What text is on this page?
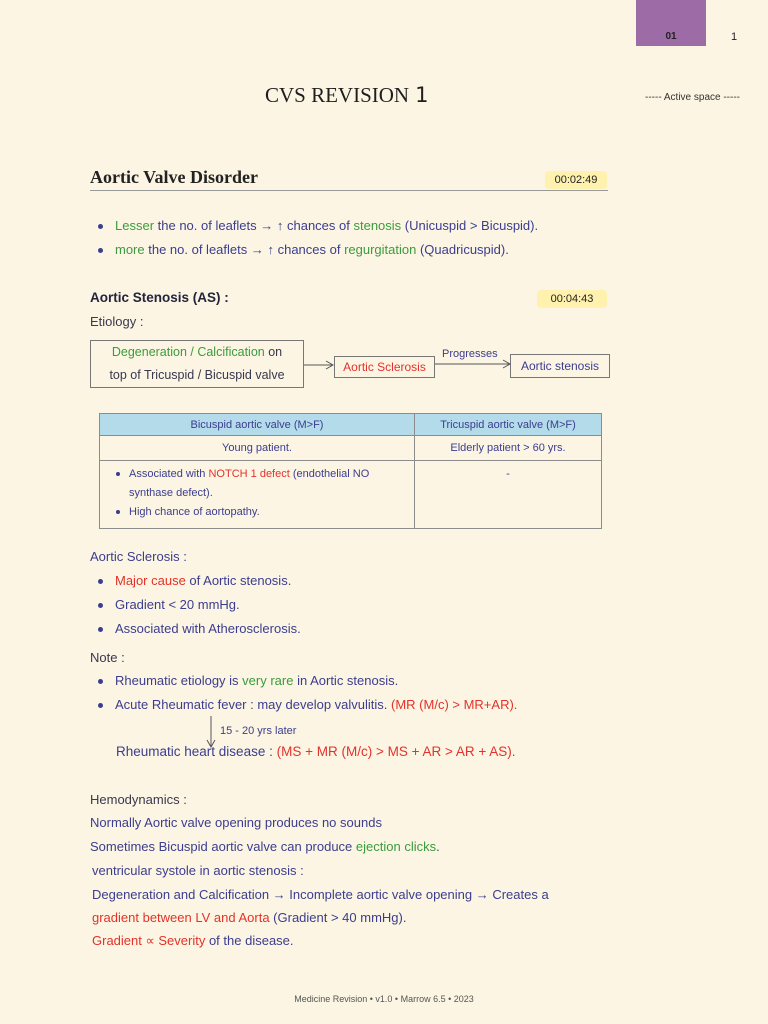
01	1
CVS REVISION 1	----- Active space -----
Aortic Valve Disorder	00:02:49
Lesser the no. of leaflets → ↑ chances of stenosis (Unicuspid > Bicuspid).
more the no. of leaflets → ↑ chances of regurgitation (Quadricuspid).
Aortic Stenosis (AS) :	00:04:43
Etiology :
Degeneration / Calcification on
top of Tricuspid / Bicuspid valve
Aortic Sclerosis
Progresses
Aortic stenosis
Bicuspid aortic valve (M>F)	Tricuspid aortic valve (M>F)
Young patient.	Elderly patient > 60 yrs.

Associated with NOTCH 1 defect (endothelial NO
synthase defect).
High chance of aortopathy.	-
Aortic Sclerosis :
Major cause of Aortic stenosis.
Gradient < 20 mmHg.
Associated with Atherosclerosis.
Note :
Rheumatic etiology is very rare in Aortic stenosis.
Acute Rheumatic fever : may develop valvulitis. (MR (M/c) > MR+AR).
15 - 20 yrs later
Rheumatic heart disease : (MS + MR (M/c) > MS + AR > AR + AS).
Hemodynamics :
Normally Aortic valve opening produces no sounds
Sometimes Bicuspid aortic valve can produce ejection clicks.
ventricular systole in aortic stenosis :
Degeneration and Calcification → Incomplete aortic valve opening → Creates a
gradient between LV and Aorta (Gradient > 40 mmHg).
Gradient ∝ Severity of the disease.
Medicine Revision • v1.0 • Marrow 6.5 • 2023
